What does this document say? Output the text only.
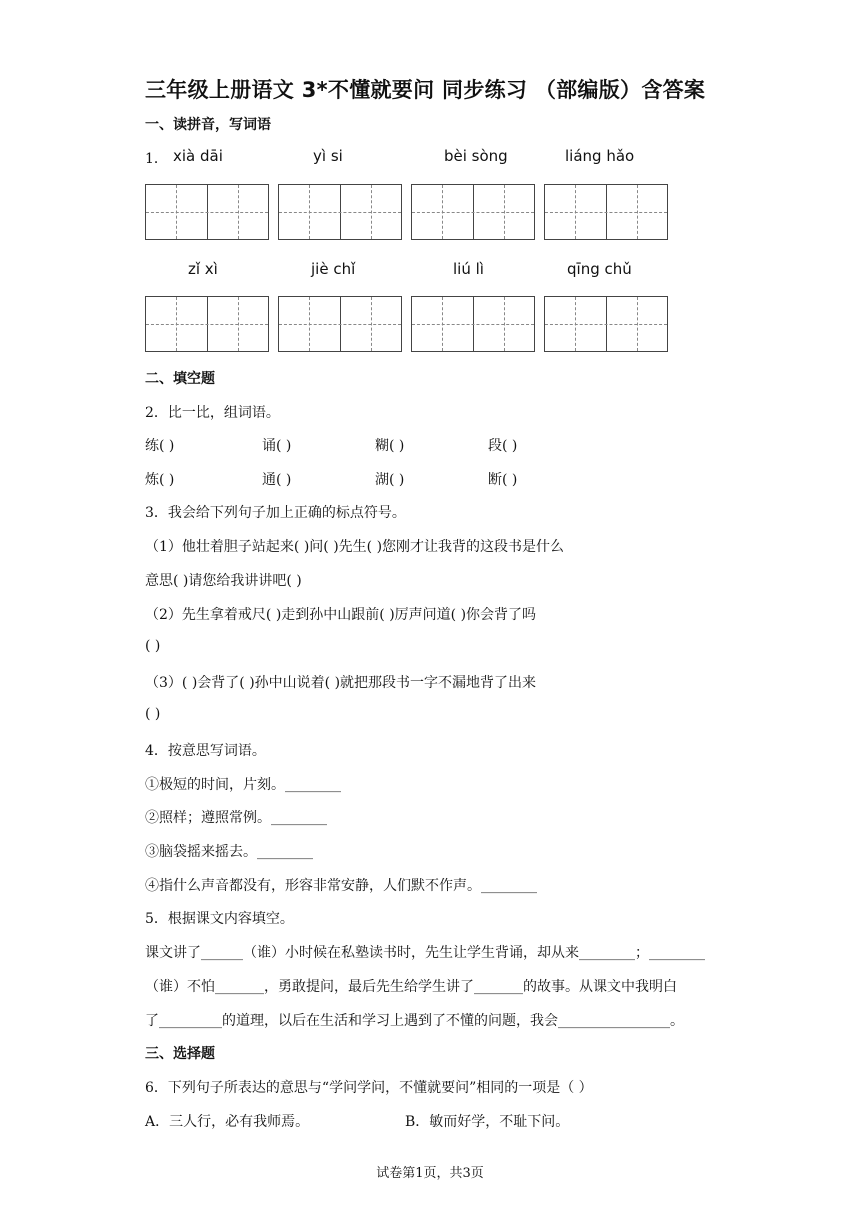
三年级上册语文 3*不懂就要问 同步练习 （部编版）含答案
一、读拼音，写词语
1． xià dāi	yì si	bèi sòng	liáng hǎo
zǐ xì	jiè chǐ	liú lì	qīng chǔ
二、填空题
2．比一比，组词语。
练( )	诵( )	糊( )	段( )
炼( )	通( )	湖( )	断( )
3．我会给下列句子加上正确的标点符号。
（1）他壮着胆子站起来( )问( )先生( )您刚才让我背的这段书是什么
意思( )请您给我讲讲吧( )
（2）先生拿着戒尺( )走到孙中山跟前( )厉声问道( )你会背了吗
( )
（3）( )会背了( )孙中山说着( )就把那段书一字不漏地背了出来
( )
4．按意思写词语。
①极短的时间，片刻。________
②照样；遵照常例。________
③脑袋摇来摇去。________
④指什么声音都没有，形容非常安静，人们默不作声。________
5．根据课文内容填空。
课文讲了______（谁）小时候在私塾读书时，先生让学生背诵，却从来________；________
（谁）不怕_______，勇敢提问，最后先生给学生讲了_______的故事。从课文中我明白
了_________的道理，以后在生活和学习上遇到了不懂的问题，我会________________。
三、选择题
6．下列句子所表达的意思与“学问学问，不懂就要问”相同的一项是（ ）
A．三人行，必有我师焉。	B．敏而好学，不耻下问。
试卷第1页，共3页
